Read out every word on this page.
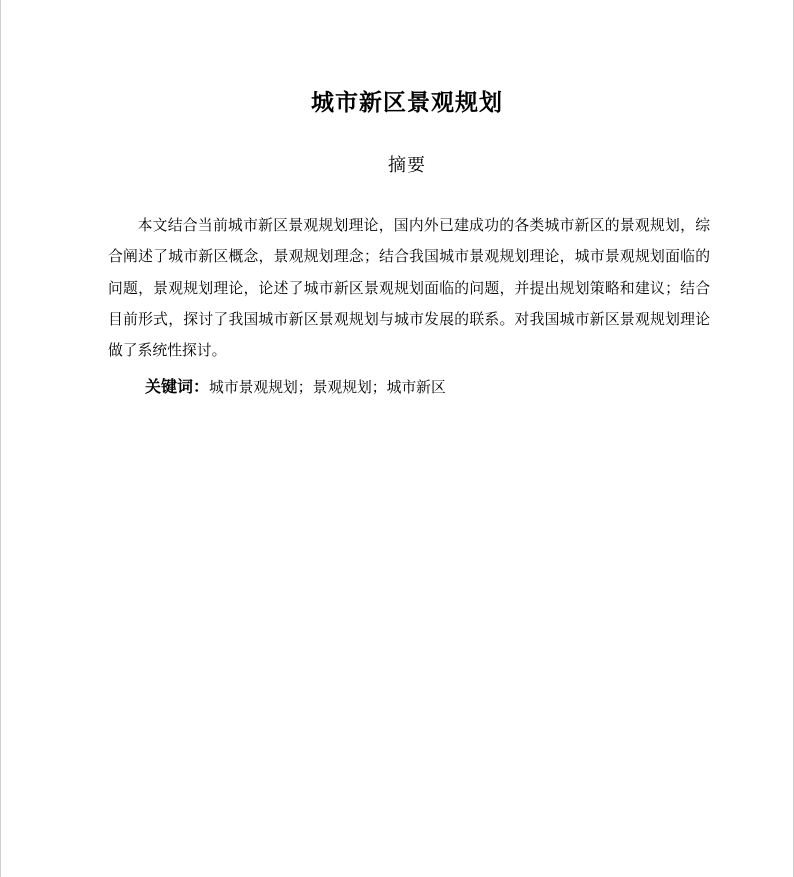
城市新区景观规划
摘要

本文结合当前城市新区景观规划理论，国内外已建成功的各类城市新区的景观规划，综合阐述了城市新区概念，景观规划理念；结合我国城市景观规划理论，城市景观规划面临的问题，景观规划理论，论述了城市新区景观规划面临的问题，并提出规划策略和建议；结合目前形式，探讨了我国城市新区景观规划与城市发展的联系。对我国城市新区景观规划理论做了系统性探讨。

关键词：城市景观规划；景观规划；城市新区
